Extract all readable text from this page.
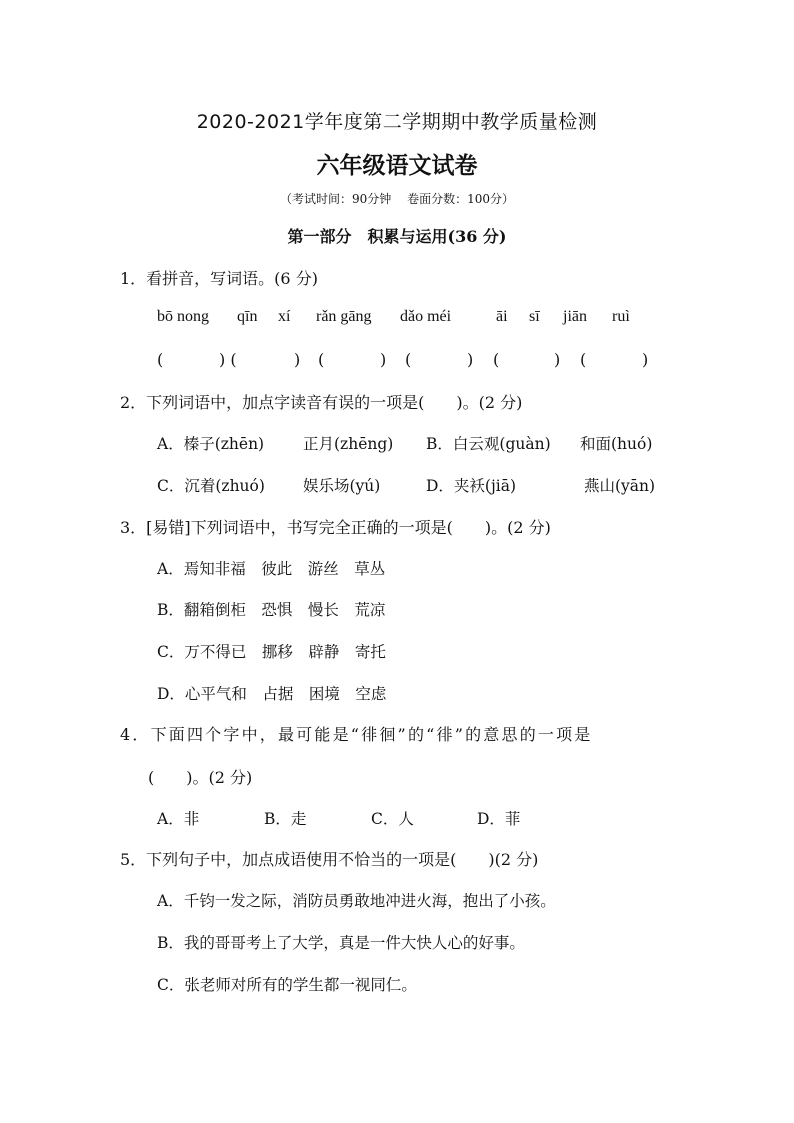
2020-2021学年度第二学期期中教学质量检测
六年级语文试卷
（考试时间：90分钟　 卷面分数：100分）
第一部分　积累与运用(36 分)
1．看拼音，写词语。(6 分)
bō nong qīn xí rǎn gāng dǎo méi	āi sī jiān ruì
(	) (	) (	) (	) (	) (	)
2．下列词语中，加点字读音有误的一项是(　　)。(2 分)
A．榛子(zhēn)	正月(zhēng) B．白云观(guàn) 和面(huó)
C．沉着(zhuó) 娱乐场(yú)	D．夹袄(jiā)	燕山(yān)
3．[易错]下列词语中，书写完全正确的一项是(　　)。(2 分)
A．焉知非福　彼此　游丝　草丛
B．翻箱倒柜　恐惧　慢长　荒凉
C．万不得已　挪移　辟静　寄托
D．心平气和　占据　困境　空虑
4．下面四个字中，最可能是“徘徊”的“徘”的意思的一项是
(　　)。(2 分)
A．非	B．走	C．人	D．菲
5．下列句子中，加点成语使用不恰当的一项是(　　)(2 分)
A．千钧一发之际，消防员勇敢地冲进火海，抱出了小孩。
B．我的哥哥考上了大学，真是一件大快人心的好事。
C．张老师对所有的学生都一视同仁。
